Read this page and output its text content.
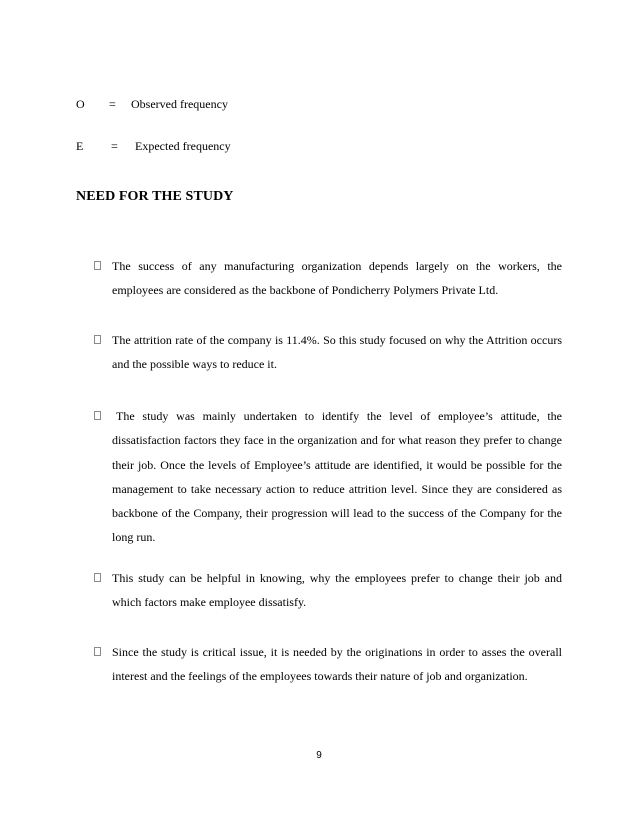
O = Observed frequency
E = Expected frequency
NEED FOR THE STUDY
The success of any manufacturing organization depends largely on the workers, the employees are considered as the backbone of Pondicherry Polymers Private Ltd.
The attrition rate of the company is 11.4%. So this study focused on why the Attrition occurs and the possible ways to reduce it.
The study was mainly undertaken to identify the level of employee’s attitude, the dissatisfaction factors they face in the organization and for what reason they prefer to change their job. Once the levels of Employee’s attitude are identified, it would be possible for the management to take necessary action to reduce attrition level. Since they are considered as backbone of the Company, their progression will lead to the success of the Company for the long run.
This study can be helpful in knowing, why the employees prefer to change their job and which factors make employee dissatisfy.
Since the study is critical issue, it is needed by the originations in order to asses the overall interest and the feelings of the employees towards their nature of job and organization.
9
